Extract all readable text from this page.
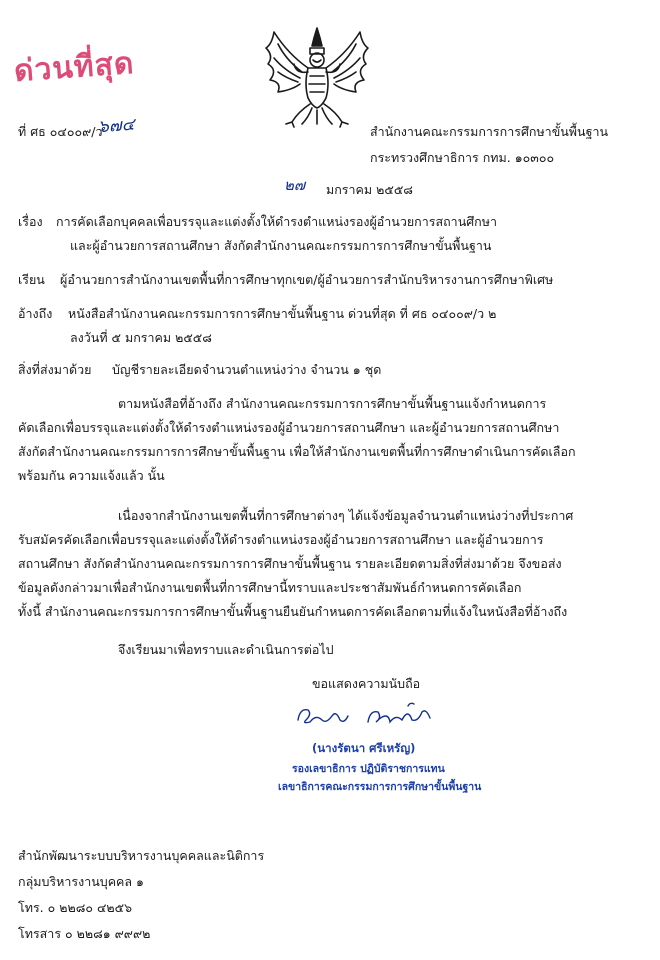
ด่วนที่สุด
ที่ ศธ ๐๔๐๐๙/ว
๖๗๔	สำนักงานคณะกรรมการการศึกษาขั้นพื้นฐาน
กระทรวงศึกษาธิการ กทม. ๑๐๓๐๐
๒๗ มกราคม ๒๕๕๘
เรื่อง การคัดเลือกบุคคลเพื่อบรรจุและแต่งตั้งให้ดำรงตำแหน่งรองผู้อำนวยการสถานศึกษา
และผู้อำนวยการสถานศึกษา สังกัดสำนักงานคณะกรรมการการศึกษาขั้นพื้นฐาน
เรียน ผู้อำนวยการสำนักงานเขตพื้นที่การศึกษาทุกเขต/ผู้อำนวยการสำนักบริหารงานการศึกษาพิเศษ
อ้างถึง หนังสือสำนักงานคณะกรรมการการศึกษาขั้นพื้นฐาน ด่วนที่สุด ที่ ศธ ๐๔๐๐๙/ว ๒
ลงวันที่ ๕ มกราคม ๒๕๕๘
สิ่งที่ส่งมาด้วย บัญชีรายละเอียดจำนวนตำแหน่งว่าง จำนวน ๑ ชุด
ตามหนังสือที่อ้างถึง สำนักงานคณะกรรมการการศึกษาขั้นพื้นฐานแจ้งกำหนดการ
คัดเลือกเพื่อบรรจุและแต่งตั้งให้ดำรงตำแหน่งรองผู้อำนวยการสถานศึกษา และผู้อำนวยการสถานศึกษา
สังกัดสำนักงานคณะกรรมการการศึกษาขั้นพื้นฐาน เพื่อให้สำนักงานเขตพื้นที่การศึกษาดำเนินการคัดเลือก
พร้อมกัน ความแจ้งแล้ว นั้น
เนื่องจากสำนักงานเขตพื้นที่การศึกษาต่างๆ ได้แจ้งข้อมูลจำนวนตำแหน่งว่างที่ประกาศ
รับสมัครคัดเลือกเพื่อบรรจุและแต่งตั้งให้ดำรงตำแหน่งรองผู้อำนวยการสถานศึกษา และผู้อำนวยการ
สถานศึกษา สังกัดสำนักงานคณะกรรมการการศึกษาขั้นพื้นฐาน รายละเอียดตามสิ่งที่ส่งมาด้วย จึงขอส่ง
ข้อมูลดังกล่าวมาเพื่อสำนักงานเขตพื้นที่การศึกษานี้ทราบและประชาสัมพันธ์กำหนดการคัดเลือก
ทั้งนี้ สำนักงานคณะกรรมการการศึกษาขั้นพื้นฐานยืนยันกำหนดการคัดเลือกตามที่แจ้งในหนังสือที่อ้างถึง
จึงเรียนมาเพื่อทราบและดำเนินการต่อไป
ขอแสดงความนับถือ
(นางรัตนา ศรีเหรัญ)
รองเลขาธิการ ปฏิบัติราชการแทน
เลขาธิการคณะกรรมการการศึกษาขั้นพื้นฐาน
สำนักพัฒนาระบบบริหารงานบุคคลและนิติการ
กลุ่มบริหารงานบุคคล ๑
โทร. ๐ ๒๒๘๐ ๔๒๕๖
โทรสาร ๐ ๒๒๘๑ ๙๙๙๒
